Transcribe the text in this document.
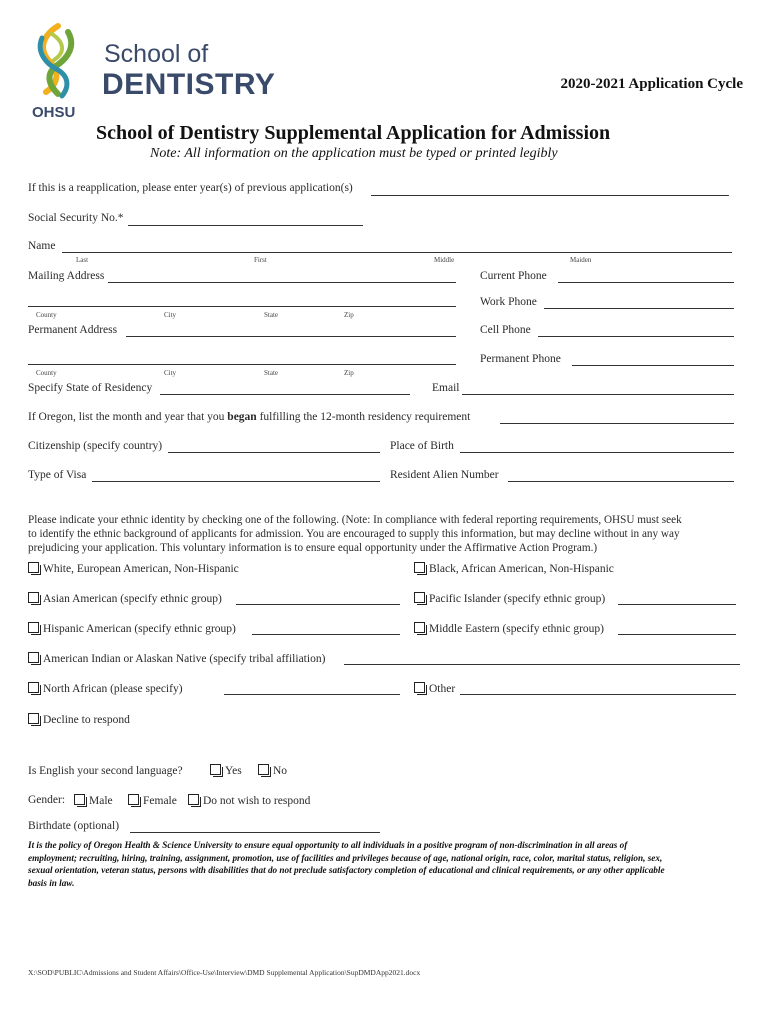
OHSU
School of
DENTISTRY	2020-2021 Application Cycle
School of Dentistry Supplemental Application for Admission
Note: All information on the application must be typed or printed legibly
If this is a reapplication, please enter year(s) of previous application(s)
Social Security No.*
Name
Last	First	Middle	Maiden
Mailing Address	Current Phone
Work Phone
County	City	State	Zip
Permanent Address	Cell Phone
Permanent Phone
County	City	State	Zip
Specify State of Residency	Email
If Oregon, list the month and year that you began fulfilling the 12-month residency requirement
Citizenship (specify country)	Place of Birth
Type of Visa	Resident Alien Number
Please indicate your ethnic identity by checking one of the following. (Note: In compliance with federal reporting requirements, OHSU must seek
to identify the ethnic background of applicants for admission. You are encouraged to supply this information, but may decline without in any way
prejudicing your application. This voluntary information is to ensure equal opportunity under the Affirmative Action Program.)
White, European American, Non-Hispanic	Black, African American, Non-Hispanic
Asian American (specify ethnic group)	Pacific Islander (specify ethnic group)
Hispanic American (specify ethnic group)	Middle Eastern (specify ethnic group)
American Indian or Alaskan Native (specify tribal affiliation)
North African (please specify)	Other
Decline to respond
Is English your second language?	Yes	No
Gender:	Male	Female	Do not wish to respond
Birthdate (optional)
It is the policy of Oregon Health & Science University to ensure equal opportunity to all individuals in a positive program of non-discrimination in all areas of
employment; recruiting, hiring, training, assignment, promotion, use of facilities and privileges because of age, national origin, race, color, marital status, religion, sex,
sexual orientation, veteran status, persons with disabilities that do not preclude satisfactory completion of educational and clinical requirements, or any other applicable
basis in law.
X:\SOD\PUBLIC\Admissions and Student Affairs\Office-Use\Interview\DMD Supplemental Application\SupDMDApp2021.docx
